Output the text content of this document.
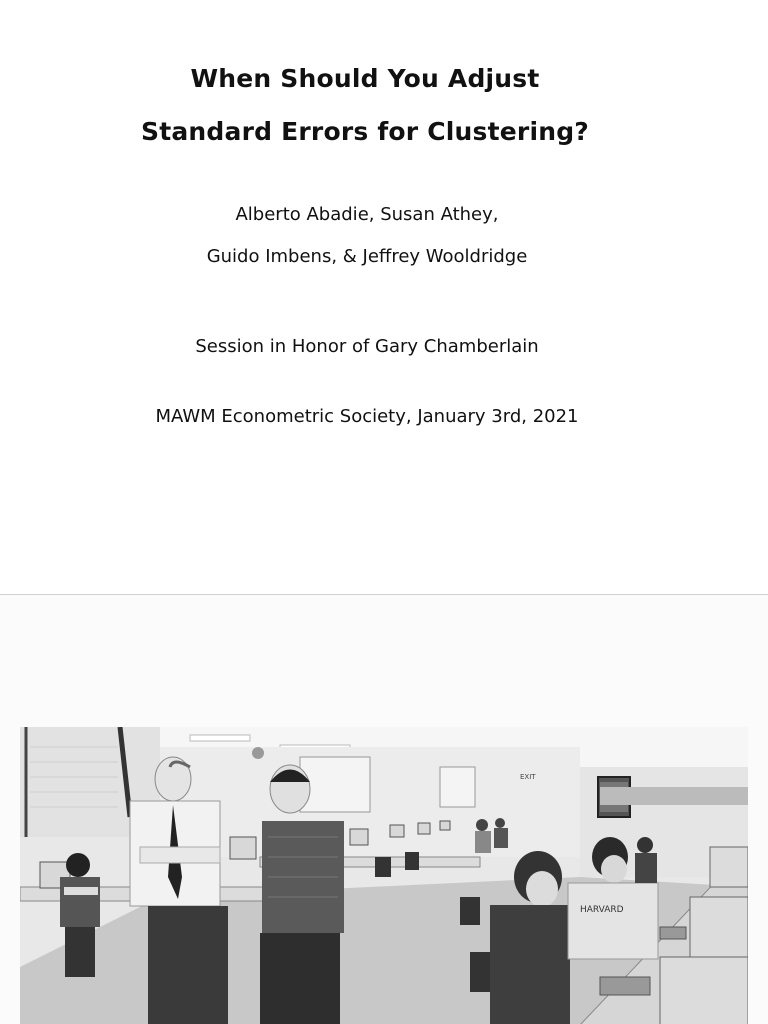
When Should You Adjust
Standard Errors for Clustering?
Alberto Abadie, Susan Athey,
Guido Imbens, & Jeffrey Wooldridge
Session in Honor of Gary Chamberlain
MAWM Econometric Society, January 3rd, 2021
EXIT
HARVARD
